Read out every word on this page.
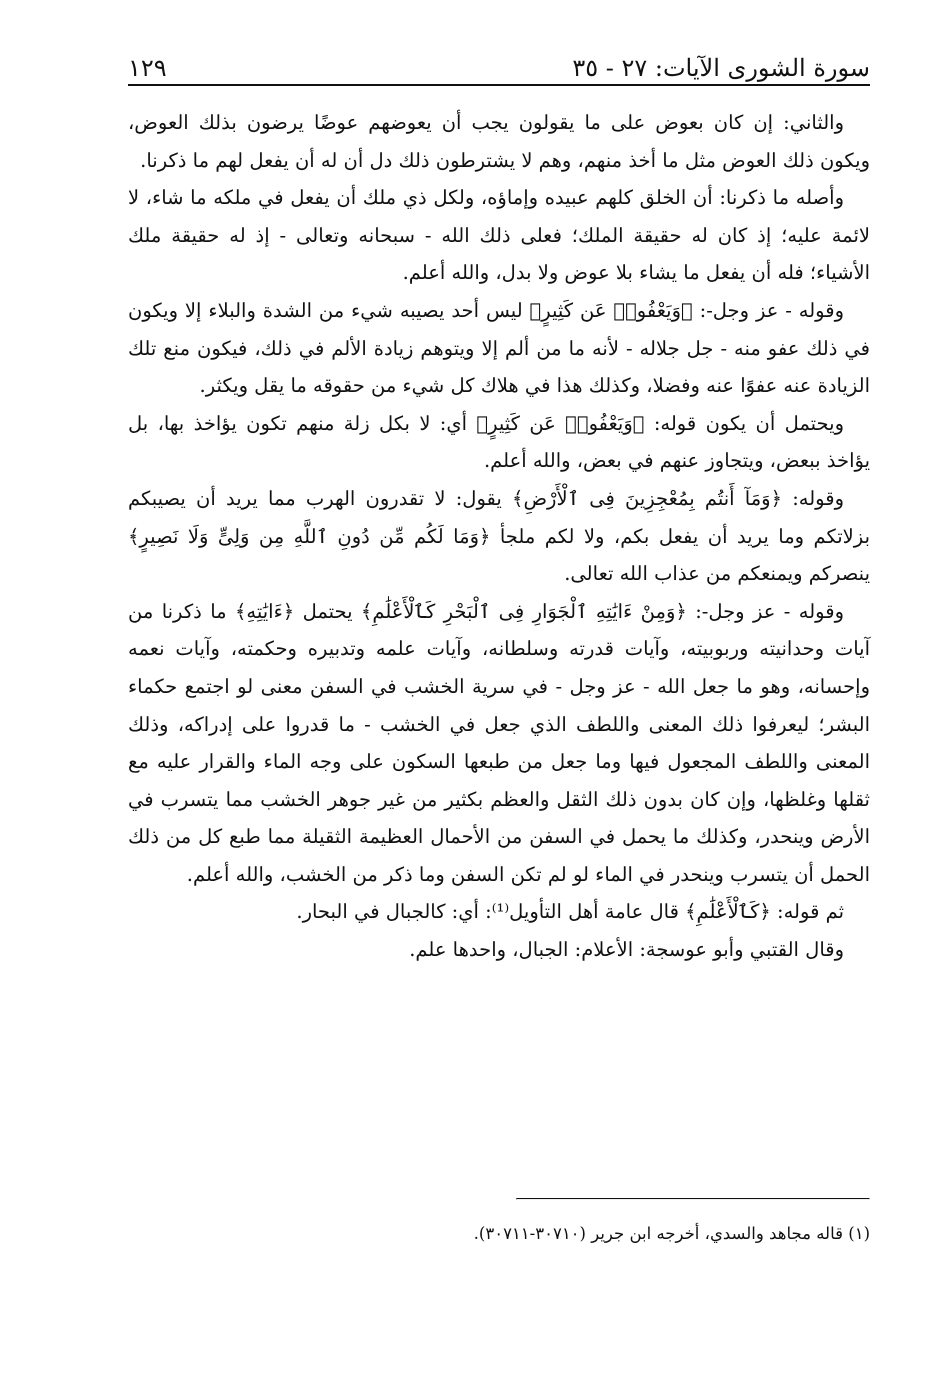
سورة الشورى الآيات: ٢٧ - ٣٥
١٢٩

والثاني: إن كان بعوض على ما يقولون يجب أن يعوضهم عوضًا يرضون بذلك العوض، ويكون ذلك العوض مثل ما أخذ منهم، وهم لا يشترطون ذلك دل أن له أن يفعل لهم ما ذكرنا.

وأصله ما ذكرنا: أن الخلق كلهم عبيده وإماؤه، ولكل ذي ملك أن يفعل في ملكه ما شاء، لا لائمة عليه؛ إذ كان له حقيقة الملك؛ فعلى ذلك الله - سبحانه وتعالى - إذ له حقيقة ملك الأشياء؛ فله أن يفعل ما يشاء بلا عوض ولا بدل، والله أعلم.

وقوله - عز وجل-: ﴿وَيَعْفُوا۟ عَن كَثِيرٍ﴾ ليس أحد يصيبه شيء من الشدة والبلاء إلا ويكون في ذلك عفو منه - جل جلاله - لأنه ما من ألم إلا ويتوهم زيادة الألم في ذلك، فيكون منع تلك الزيادة عنه عفوًا عنه وفضلا، وكذلك هذا في هلاك كل شيء من حقوقه ما يقل ويكثر.

ويحتمل أن يكون قوله: ﴿وَيَعْفُوا۟ عَن كَثِيرٍ﴾ أي: لا بكل زلة منهم تكون يؤاخذ بها، بل يؤاخذ ببعض، ويتجاوز عنهم في بعض، والله أعلم.

وقوله: ﴿وَمَآ أَنتُم بِمُعْجِزِينَ فِى ٱلْأَرْضِ﴾ يقول: لا تقدرون الهرب مما يريد أن يصيبكم بزلاتكم وما يريد أن يفعل بكم، ولا لكم ملجأ ﴿وَمَا لَكُم مِّن دُونِ ٱللَّهِ مِن وَلِىٍّ وَلَا نَصِيرٍ﴾ ينصركم ويمنعكم من عذاب الله تعالى.

وقوله - عز وجل-: ﴿وَمِنْ ءَايَٰتِهِ ٱلْجَوَارِ فِى ٱلْبَحْرِ كَٱلْأَعْلَٰمِ﴾ يحتمل ﴿ءَايَٰتِهِ﴾ ما ذكرنا من آيات وحدانيته وربوبيته، وآيات قدرته وسلطانه، وآيات علمه وتدبيره وحكمته، وآيات نعمه وإحسانه، وهو ما جعل الله - عز وجل - في سرية الخشب في السفن معنى لو اجتمع حكماء البشر؛ ليعرفوا ذلك المعنى واللطف الذي جعل في الخشب - ما قدروا على إدراكه، وذلك المعنى واللطف المجعول فيها وما جعل من طبعها السكون على وجه الماء والقرار عليه مع ثقلها وغلظها، وإن كان بدون ذلك الثقل والعظم بكثير من غير جوهر الخشب مما يتسرب في الأرض وينحدر، وكذلك ما يحمل في السفن من الأحمال العظيمة الثقيلة مما طبع كل من ذلك الحمل أن يتسرب وينحدر في الماء لو لم تكن السفن وما ذكر من الخشب، والله أعلم.

ثم قوله: ﴿كَٱلْأَعْلَٰمِ﴾ قال عامة أهل التأويل⁽¹⁾: أي: كالجبال في البحار.

وقال القتبي وأبو عوسجة: الأعلام: الجبال، واحدها علم.

(١) قاله مجاهد والسدي، أخرجه ابن جرير (٣٠٧١٠-٣٠٧١١).
